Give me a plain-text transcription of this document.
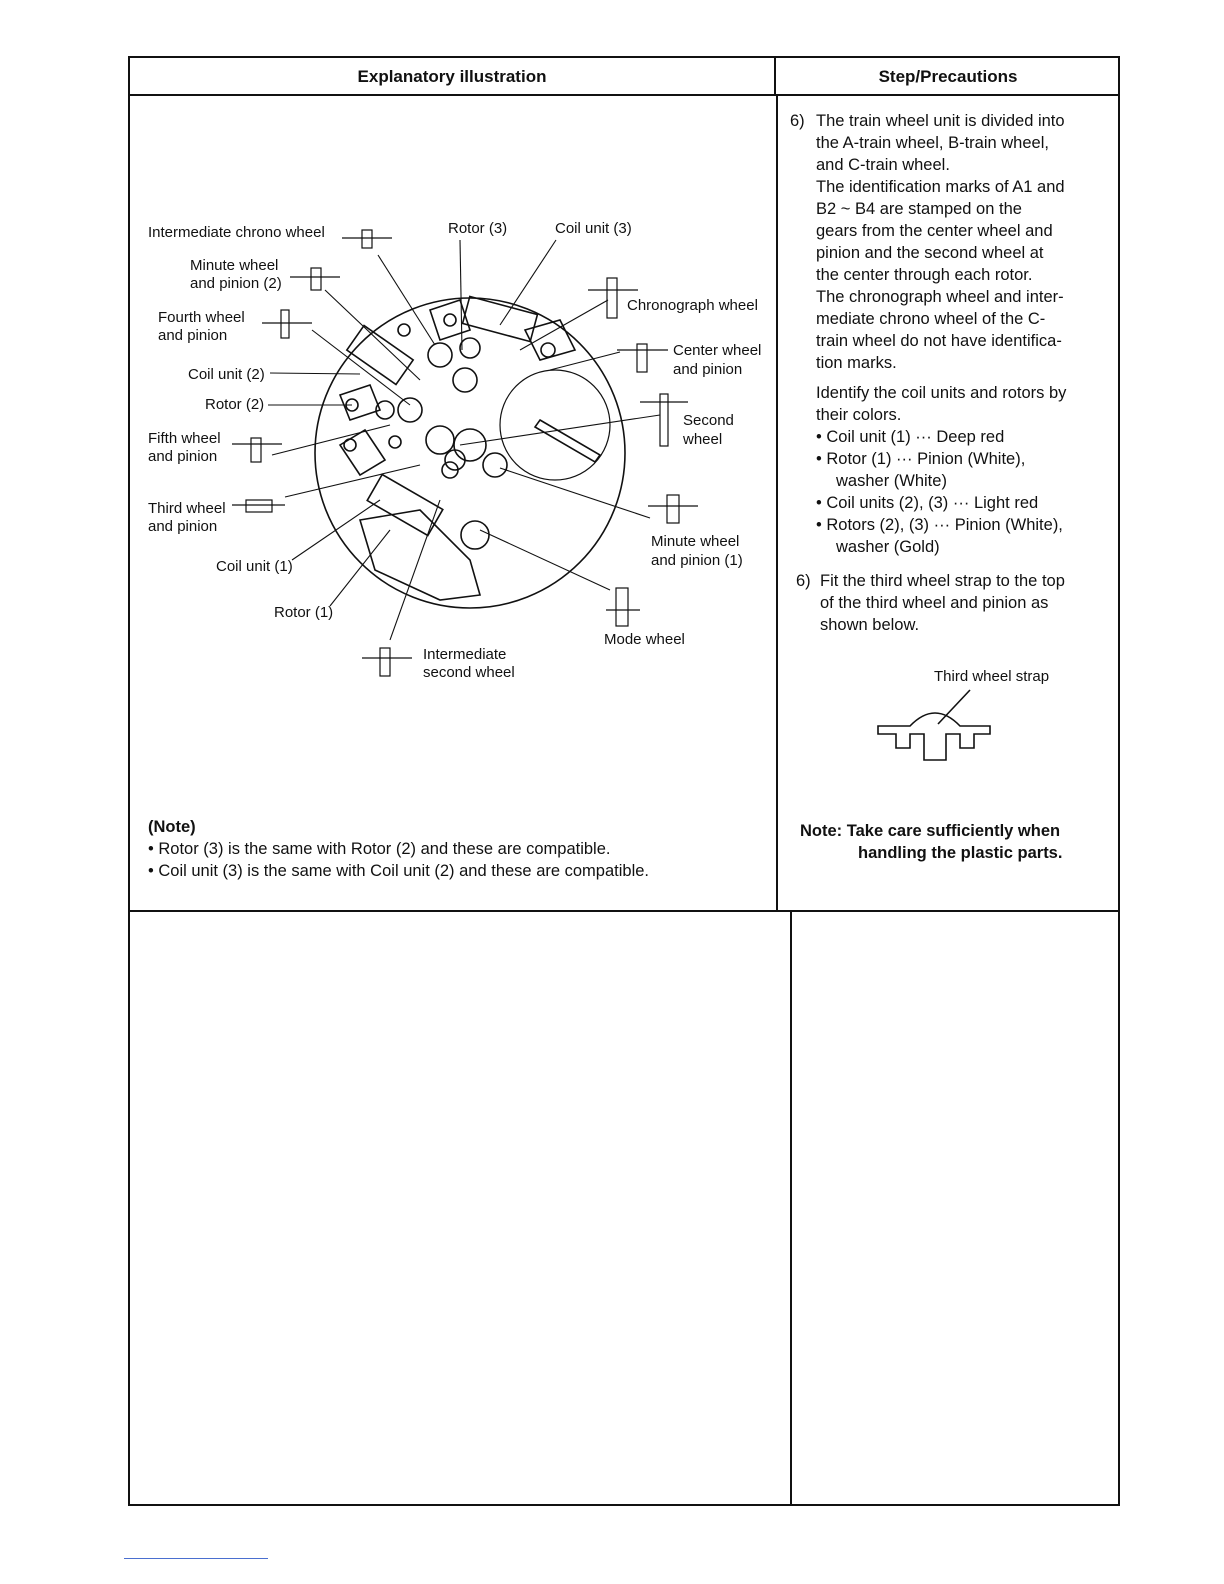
Explanatory illustration	Step/Precautions
Intermediate chrono wheel	Rotor (3)	Coil unit (3)
Minute wheel
and pinion (2)
Chronograph wheel
Fourth wheel
and pinion
Center wheel
and pinion
Coil unit (2)
Rotor (2)
Second
wheel
Fifth wheel
and pinion
Third wheel
and pinion
Minute wheel
and pinion (1)
Coil unit (1)
Rotor (1)
Mode wheel
Intermediate
second wheel
(Note)
• Rotor (3) is the same with Rotor (2) and these are compatible.
• Coil unit (3) is the same with Coil unit (2) and these are compatible.
6) The train wheel unit is divided into

the A-train wheel, B-train wheel,

and C-train wheel.

The identification marks of A1 and

B2 ~ B4 are stamped on the

gears from the center wheel and

pinion and the second wheel at

the center through each rotor.

The chronograph wheel and inter-

mediate chrono wheel of the C-

train wheel do not have identifica-

tion marks.

Identify the coil units and rotors by

their colors.

• Coil unit (1) ··· Deep red

• Rotor (1) ··· Pinion (White),

washer (White)

• Coil units (2), (3) ··· Light red

• Rotors (2), (3) ··· Pinion (White),

washer (Gold)

6) Fit the third wheel strap to the top

of the third wheel and pinion as

shown below.

Third wheel strap
Note: Take care sufficiently when
handling the plastic parts.
